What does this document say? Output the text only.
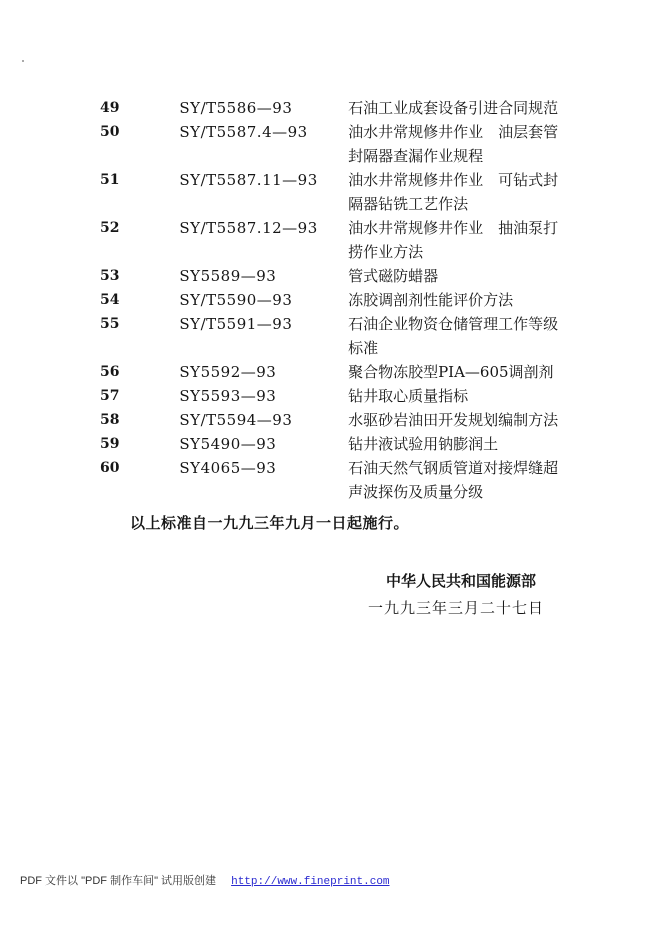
49	SY/T5586—93	石油工业成套设备引进合同规范
50	SY/T5587.4—93	油水井常规修井作业　油层套管
封隔器查漏作业规程
51	SY/T5587.11—93	油水井常规修井作业　可钻式封
隔器钻铣工艺作法
52	SY/T5587.12—93	油水井常规修井作业　抽油泵打
捞作业方法
53	SY5589—93	管式磁防蜡器
54	SY/T5590—93	冻胶调剖剂性能评价方法
55	SY/T5591—93	石油企业物资仓储管理工作等级
标准
56	SY5592—93	聚合物冻胶型PIA—605调剖剂
57	SY5593—93	钻井取心质量指标
58	SY/T5594—93	水驱砂岩油田开发规划编制方法
59	SY5490—93	钻井液试验用钠膨润土
60	SY4065—93	石油天然气钢质管道对接焊缝超
声波探伤及质量分级
以上标准自一九九三年九月一日起施行。
中华人民共和国能源部
一九九三年三月二十七日
PDF 文件以 "PDF 制作车间" 试用版创建 http://www.fineprint.com
